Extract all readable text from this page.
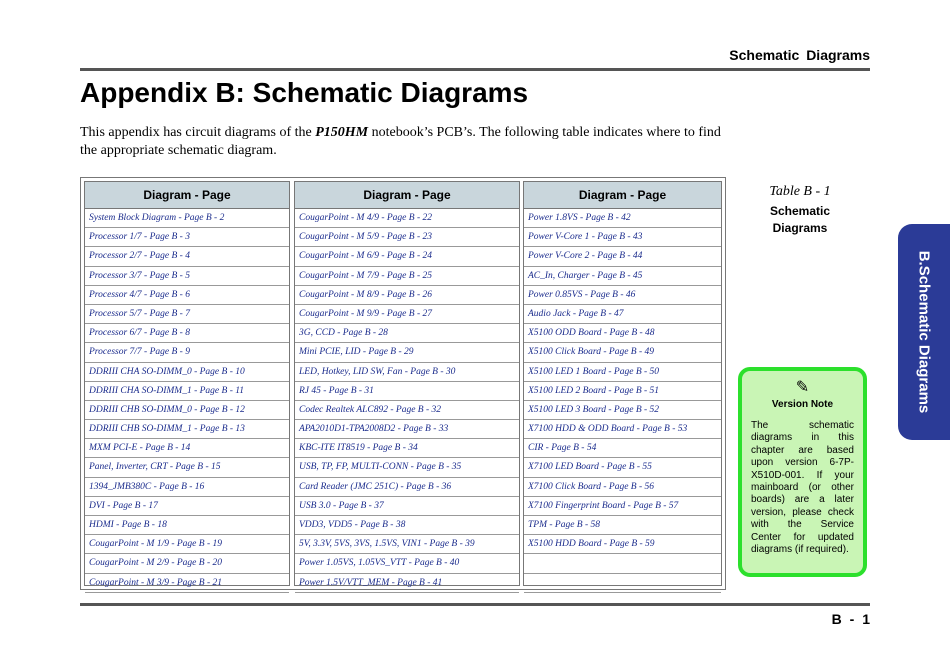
Schematic Diagrams
Appendix B: Schematic Diagrams
This appendix has circuit diagrams of the P150HM notebook’s PCB’s. The following table indicates where to find the appropriate schematic diagram.
Diagram - Page
System Block Diagram - Page B - 2
Processor 1/7 - Page B - 3
Processor 2/7 - Page B - 4
Processor 3/7 - Page B - 5
Processor 4/7 - Page B - 6
Processor 5/7 - Page B - 7
Processor 6/7 - Page B - 8
Processor 7/7 - Page B - 9
DDRIII CHA SO-DIMM_0 - Page B - 10
DDRIII CHA SO-DIMM_1 - Page B - 11
DDRIII CHB SO-DIMM_0 - Page B - 12
DDRIII CHB SO-DIMM_1 - Page B - 13
MXM PCI-E - Page B - 14
Panel, Inverter, CRT - Page B - 15
1394_JMB380C - Page B - 16
DVI - Page B - 17
HDMI - Page B - 18
CougarPoint - M 1/9 - Page B - 19
CougarPoint - M 2/9 - Page B - 20
CougarPoint - M 3/9 - Page B - 21
Diagram - Page
CougarPoint - M 4/9 - Page B - 22
CougarPoint - M 5/9 - Page B - 23
CougarPoint - M 6/9 - Page B - 24
CougarPoint - M 7/9 - Page B - 25
CougarPoint - M 8/9 - Page B - 26
CougarPoint - M 9/9 - Page B - 27
3G, CCD - Page B - 28
Mini PCIE, LID - Page B - 29
LED, Hotkey, LID SW, Fan - Page B - 30
RJ 45 - Page B - 31
Codec Realtek ALC892 - Page B - 32
APA2010D1-TPA2008D2 - Page B - 33
KBC-ITE IT8519 - Page B - 34
USB, TP, FP, MULTI-CONN - Page B - 35
Card Reader (JMC 251C) - Page B - 36
USB 3.0 - Page B - 37
VDD3, VDD5 - Page B - 38
5V, 3.3V, 5VS, 3VS, 1.5VS, VIN1 - Page B - 39
Power 1.05VS, 1.05VS_VTT - Page B - 40
Power 1.5V/VTT_MEM - Page B - 41
Diagram - Page
Power 1.8VS - Page B - 42
Power V-Core 1 - Page B - 43
Power V-Core 2 - Page B - 44
AC_In, Charger - Page B - 45
Power 0.85VS - Page B - 46
Audio Jack - Page B - 47
X5100 ODD Board - Page B - 48
X5100 Click Board - Page B - 49
X5100 LED 1 Board - Page B - 50
X5100 LED 2 Board - Page B - 51
X5100 LED 3 Board - Page B - 52
X7100 HDD & ODD Board - Page B - 53
CIR - Page B - 54
X7100 LED Board - Page B - 55
X7100 Click Board - Page B - 56
X7100 Fingerprint Board - Page B - 57
TPM - Page B - 58
X5100 HDD Board - Page B - 59
Table B - 1
Schematic
Diagrams
B.Schematic Diagrams
✎
Version Note
The schematic diagrams in this chapter are based upon version 6-7P-X510D-001. If your mainboard (or other boards) are a later version, please check with the Service Center for updated diagrams (if required).
B - 1
